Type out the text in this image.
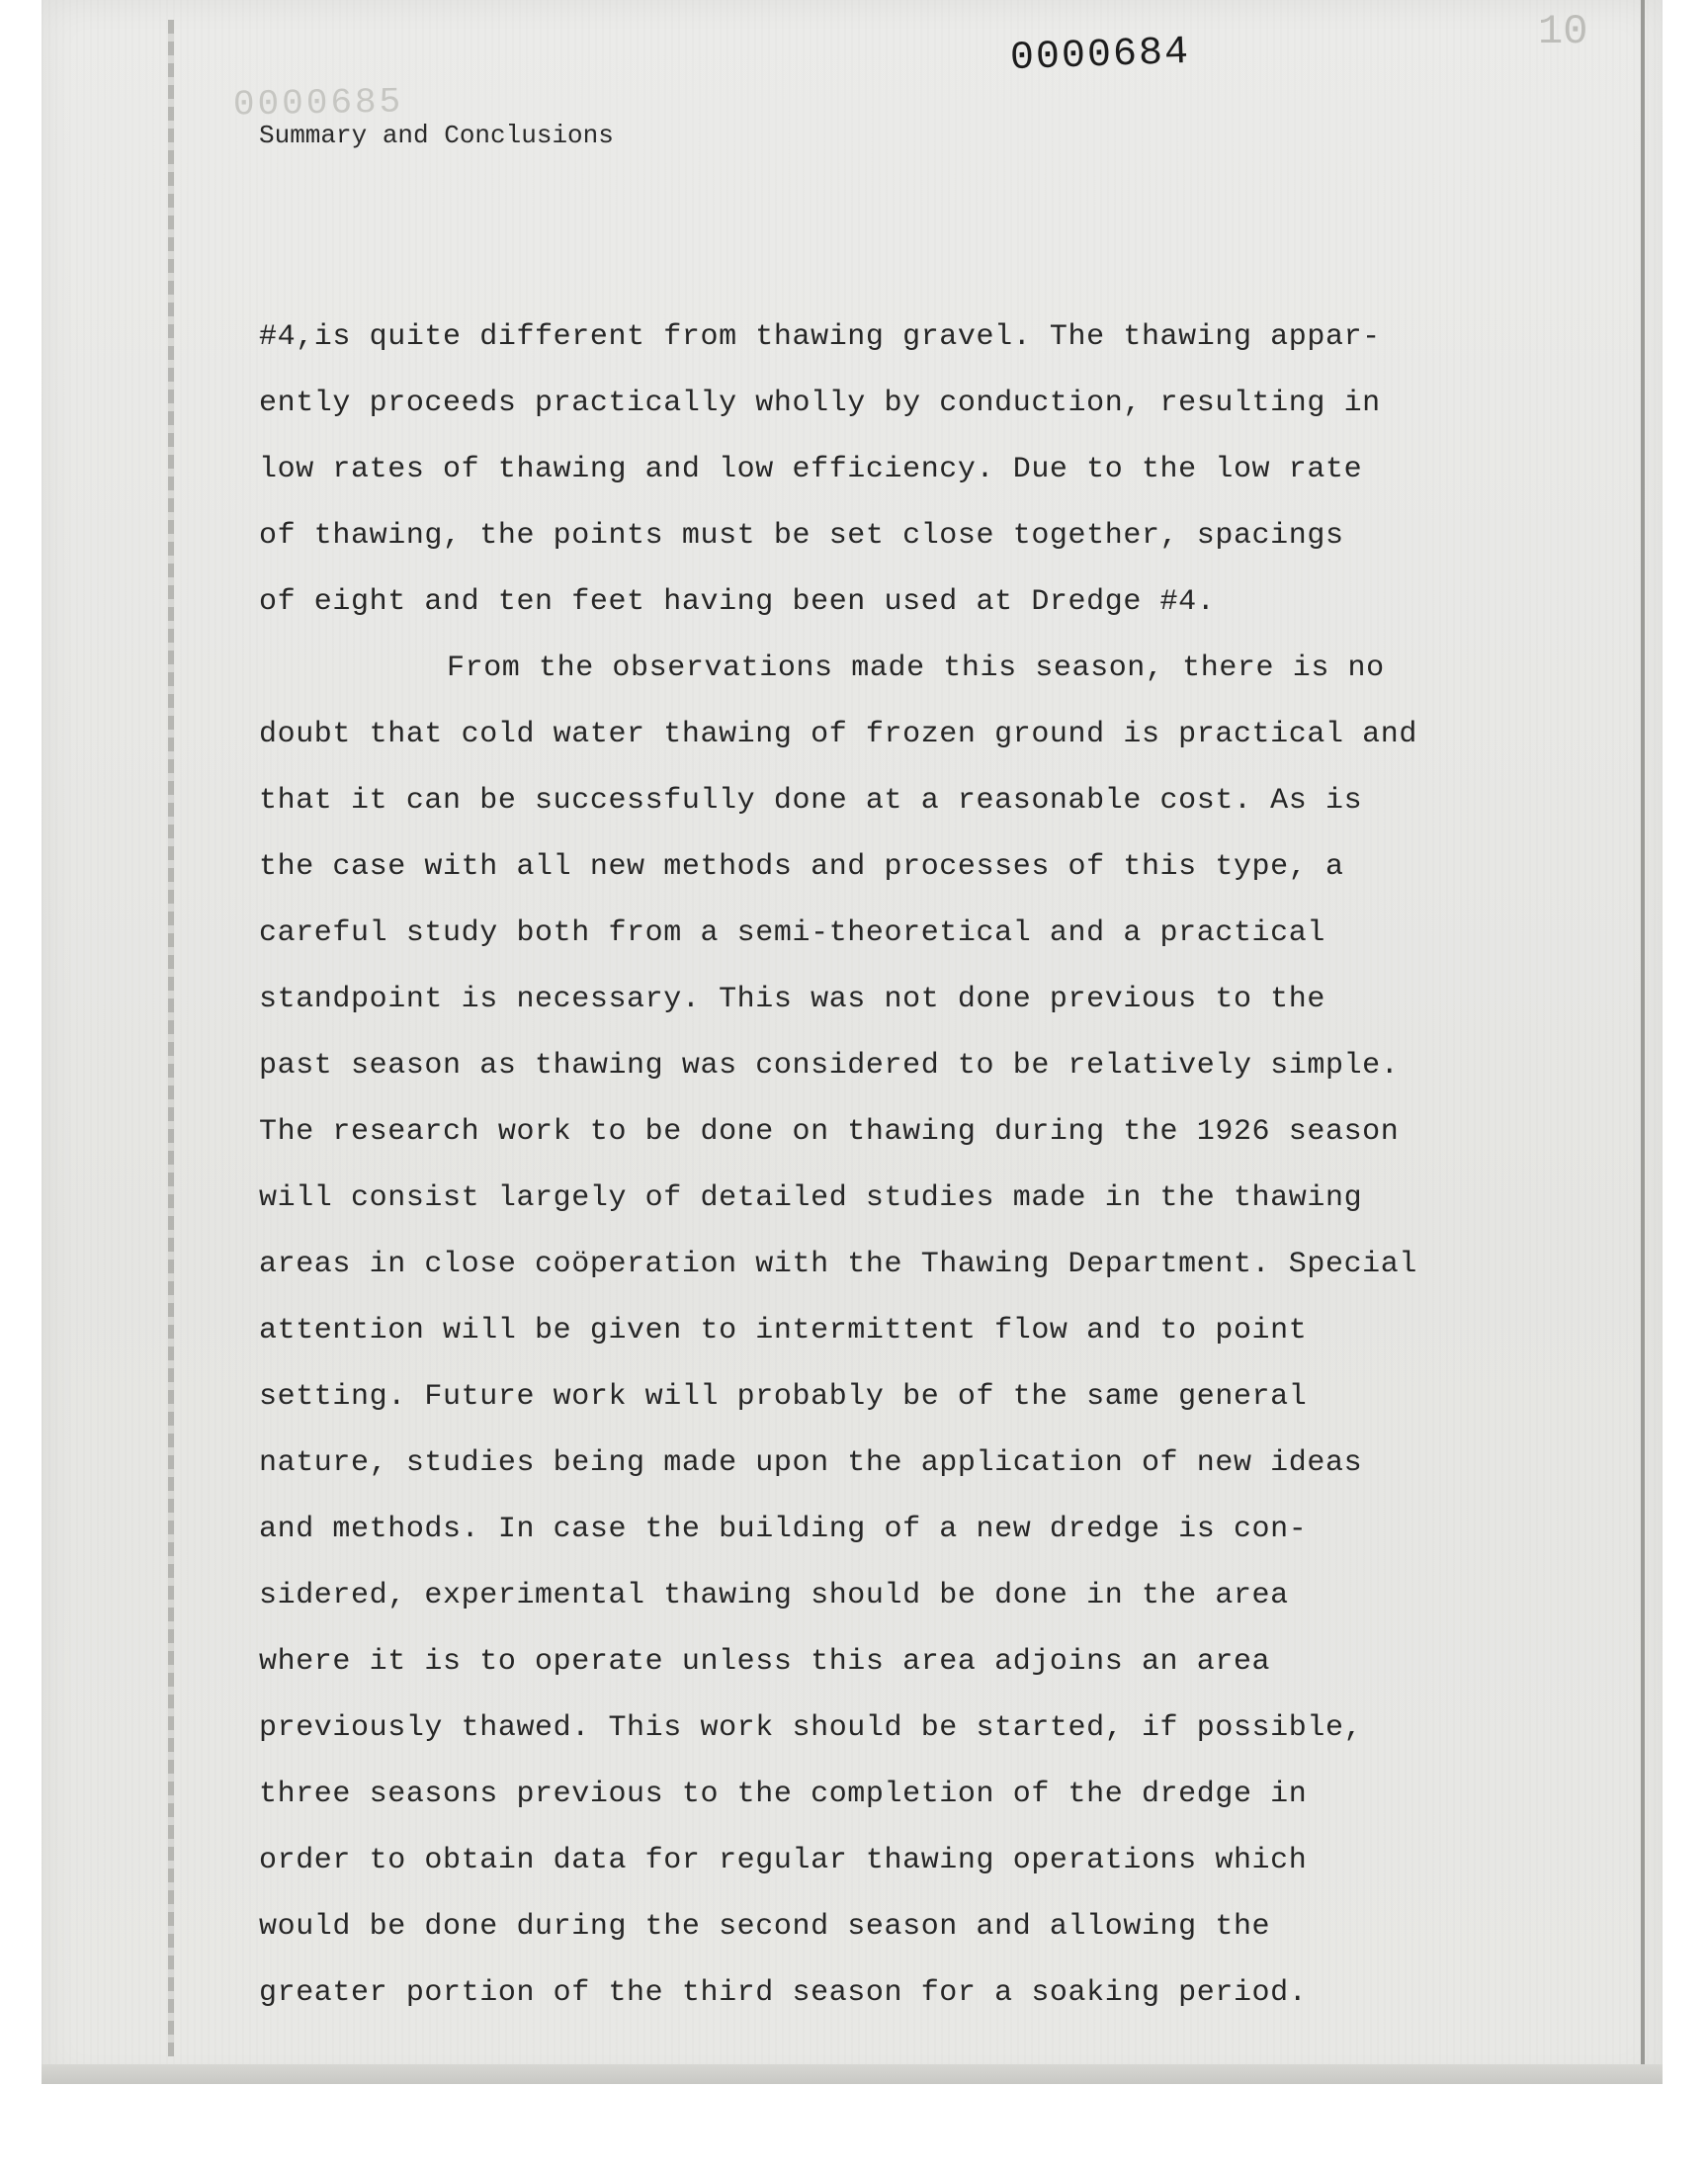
10
0000684
0000685
Summary and Conclusions
#4,is quite different from thawing gravel. The thawing appar-
ently proceeds practically wholly by conduction, resulting in
low rates of thawing and low efficiency. Due to the low rate
of thawing, the points must be set close together, spacings
of eight and ten feet having been used at Dredge #4.
From the observations made this season, there is no
doubt that cold water thawing of frozen ground is practical and
that it can be successfully done at a reasonable cost. As is
the case with all new methods and processes of this type, a
careful study both from a semi-theoretical and a practical
standpoint is necessary. This was not done previous to the
past season as thawing was considered to be relatively simple.
The research work to be done on thawing during the 1926 season
will consist largely of detailed studies made in the thawing
areas in close coöperation with the Thawing Department. Special
attention will be given to intermittent flow and to point
setting. Future work will probably be of the same general
nature, studies being made upon the application of new ideas
and methods. In case the building of a new dredge is con-
sidered, experimental thawing should be done in the area
where it is to operate unless this area adjoins an area
previously thawed. This work should be started, if possible,
three seasons previous to the completion of the dredge in
order to obtain data for regular thawing operations which
would be done during the second season and allowing the
greater portion of the third season for a soaking period.
